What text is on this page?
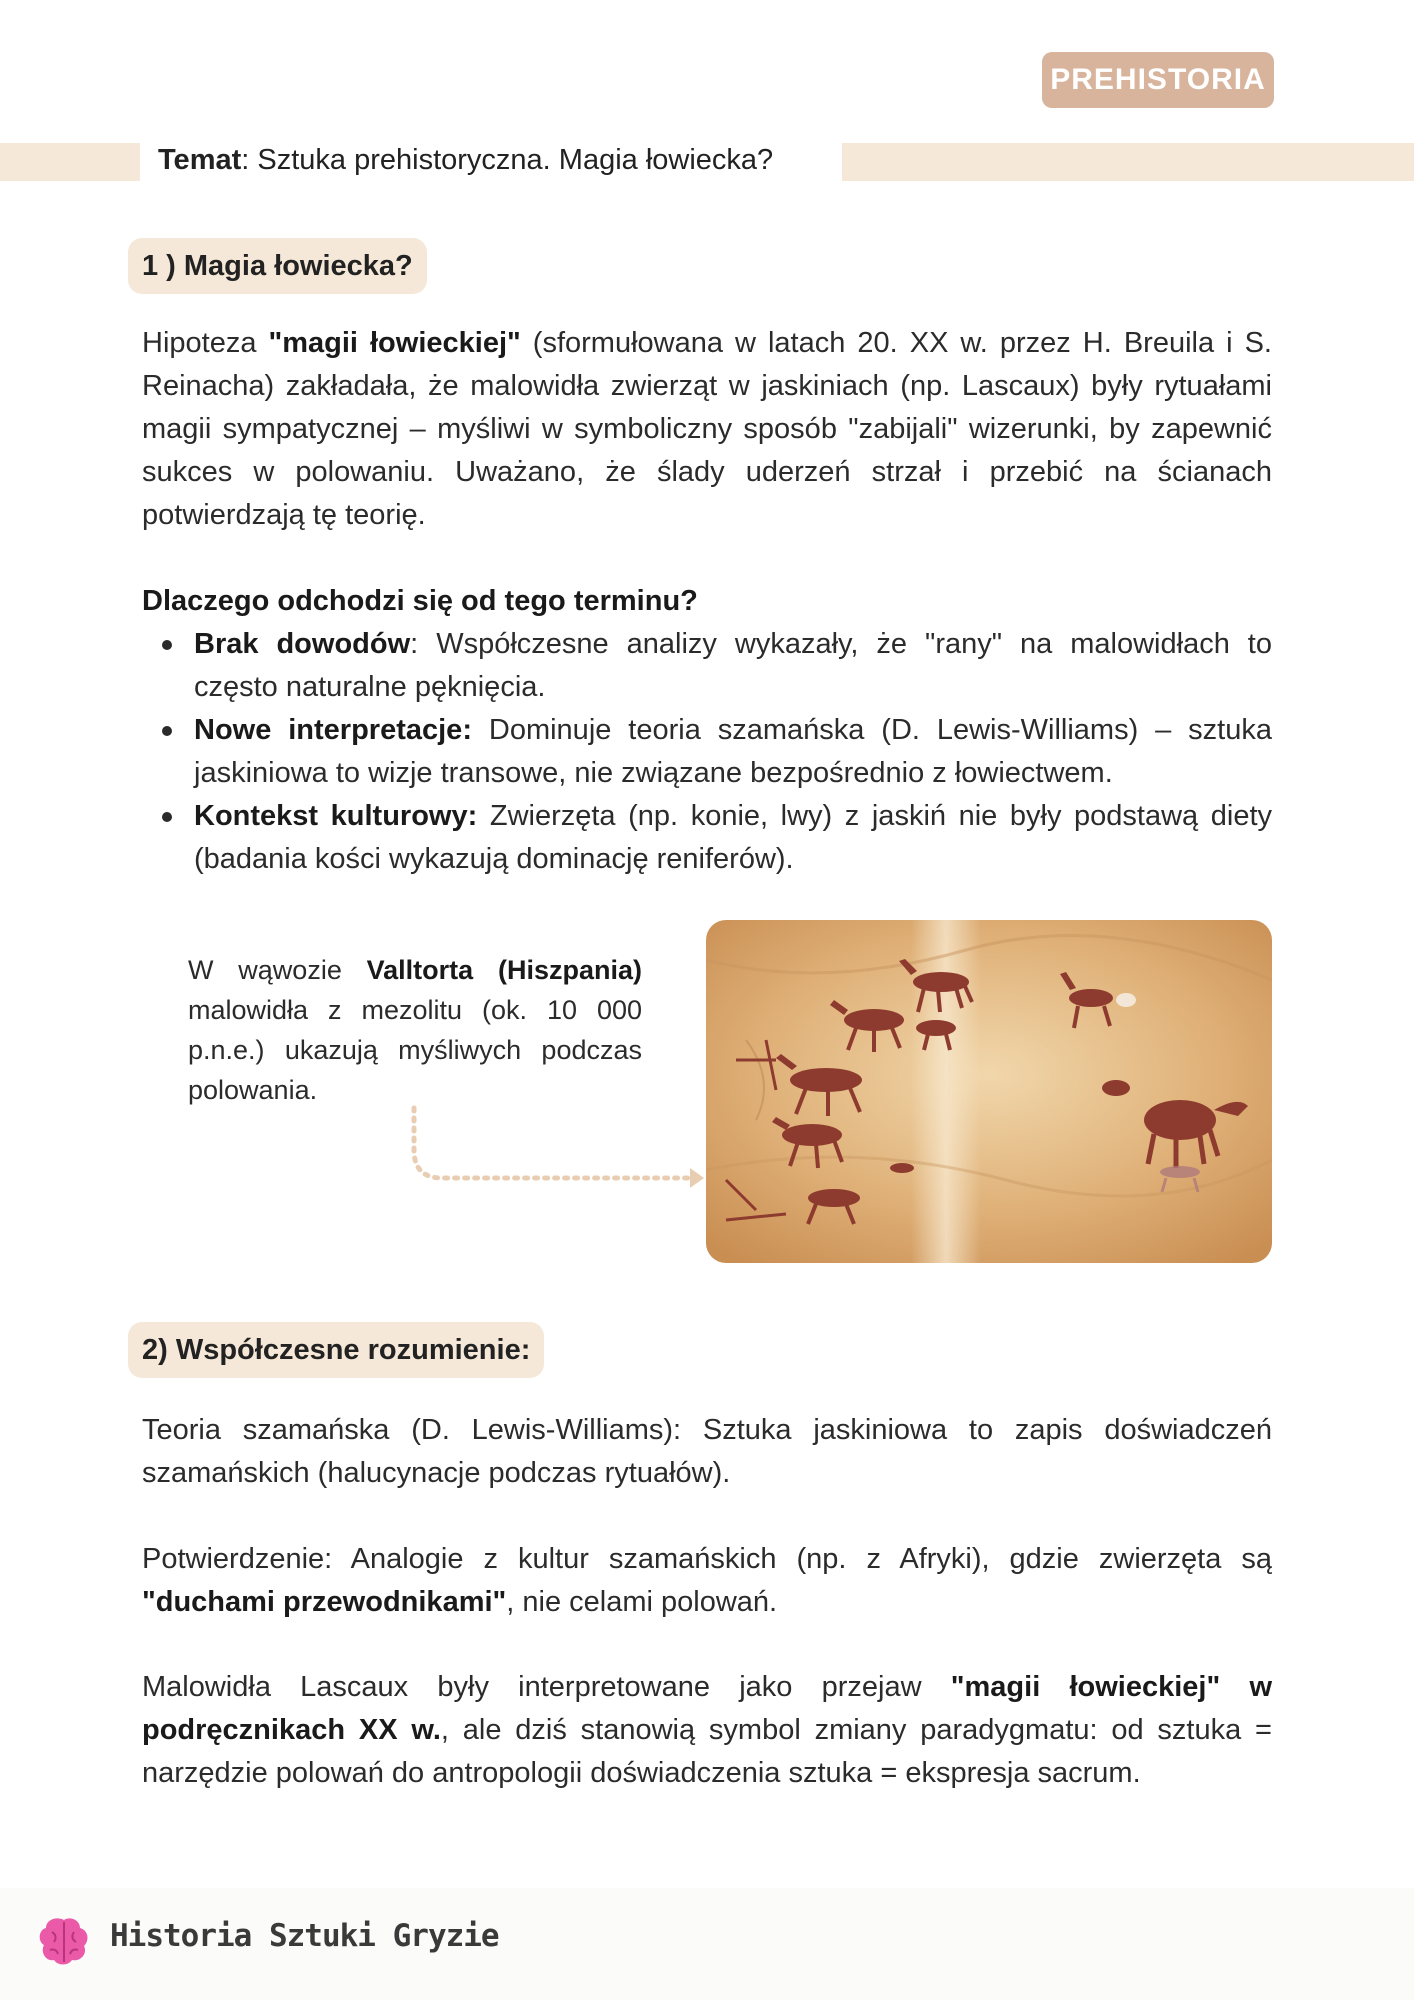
PREHISTORIA
Temat: Sztuka prehistoryczna. Magia łowiecka?
1 ) Magia łowiecka?
Hipoteza "magii łowieckiej" (sformułowana w latach 20. XX w. przez H. Breuila i S. Reinacha) zakładała, że malowidła zwierząt w jaskiniach (np. Lascaux) były rytuałami magii sympatycznej – myśliwi w symboliczny sposób "zabijali" wizerunki, by zapewnić sukces w polowaniu. Uważano, że ślady uderzeń strzał i przebić na ścianach potwierdzają tę teorię.
Dlaczego odchodzi się od tego terminu?
Brak dowodów: Współczesne analizy wykazały, że "rany" na malowidłach to często naturalne pęknięcia.
Nowe interpretacje: Dominuje teoria szamańska (D. Lewis-Williams) – sztuka jaskiniowa to wizje transowe, nie związane bezpośrednio z łowiectwem.
Kontekst kulturowy: Zwierzęta (np. konie, lwy) z jaskiń nie były podstawą diety (badania kości wykazują dominację reniferów).
W wąwozie Valltorta (Hiszpania) malowidła z mezolitu (ok. 10 000 p.n.e.) ukazują myśliwych podczas polowania.
2) Współczesne rozumienie:
Teoria szamańska (D. Lewis-Williams): Sztuka jaskiniowa to zapis doświadczeń szamańskich (halucynacje podczas rytuałów).
Potwierdzenie: Analogie z kultur szamańskich (np. z Afryki), gdzie zwierzęta są "duchami przewodnikami", nie celami polowań.
Malowidła Lascaux były interpretowane jako przejaw "magii łowieckiej" w podręcznikach XX w., ale dziś stanowią symbol zmiany paradygmatu: od sztuka = narzędzie polowań do antropologii doświadczenia sztuka = ekspresja sacrum.
Historia Sztuki Gryzie
